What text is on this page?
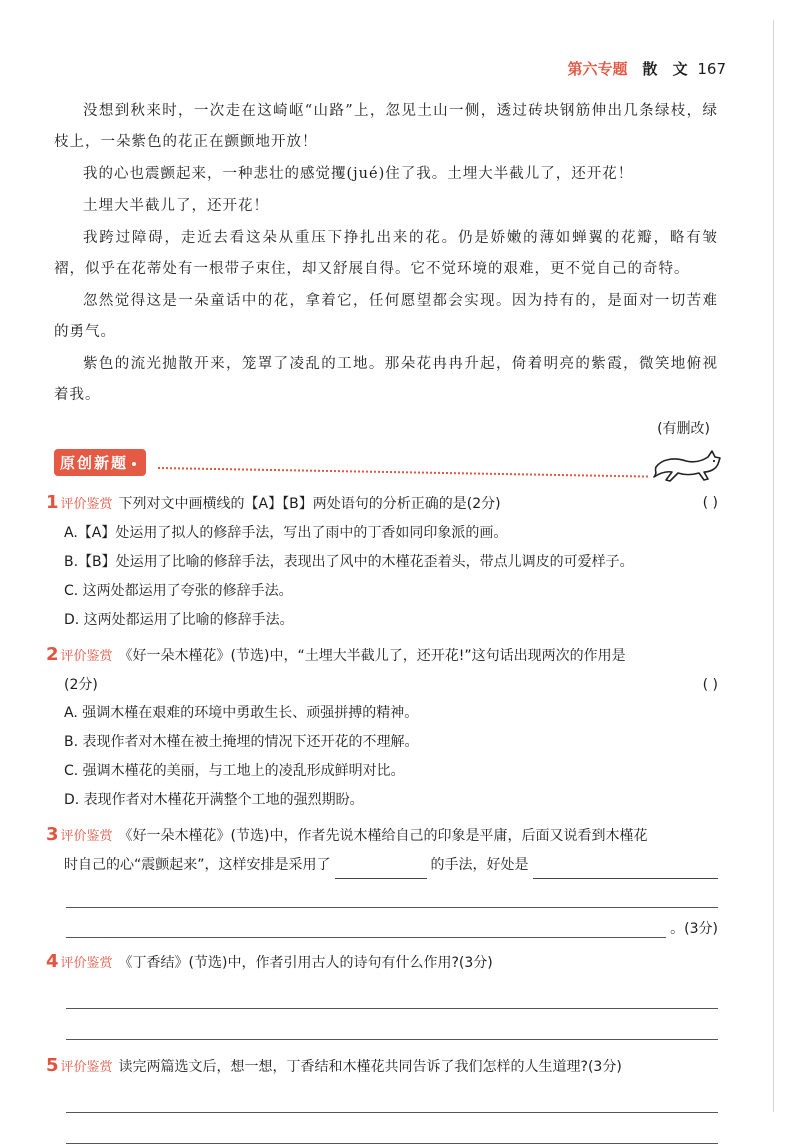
第六专题 散 文 167

没想到秋来时，一次走在这崎岖“山路”上，忽见土山一侧，透过砖块钢筋伸出几条绿枝，绿枝上，一朵紫色的花正在颤颤地开放！

我的心也震颤起来，一种悲壮的感觉攫(jué)住了我。土埋大半截儿了，还开花！

土埋大半截儿了，还开花！

我跨过障碍，走近去看这朵从重压下挣扎出来的花。仍是娇嫩的薄如蝉翼的花瓣，略有皱褶，似乎在花蒂处有一根带子束住，却又舒展自得。它不觉环境的艰难，更不觉自己的奇特。

忽然觉得这是一朵童话中的花，拿着它，任何愿望都会实现。因为持有的，是面对一切苦难的勇气。

紫色的流光抛散开来，笼罩了凌乱的工地。那朵花冉冉升起，倚着明亮的紫霞，微笑地俯视着我。

(有删改)
原创新题
1 评价鉴赏 下列对文中画横线的【A】【B】两处语句的分析正确的是(2分)	( )
A.【A】处运用了拟人的修辞手法，写出了雨中的丁香如同印象派的画。
B.【B】处运用了比喻的修辞手法，表现出了风中的木槿花歪着头，带点儿调皮的可爱样子。
C. 这两处都运用了夸张的修辞手法。
D. 这两处都运用了比喻的修辞手法。
2 评价鉴赏 《好一朵木槿花》(节选)中，“土埋大半截儿了，还开花!”这句话出现两次的作用是
(2分)	( )
A. 强调木槿在艰难的环境中勇敢生长、顽强拼搏的精神。
B. 表现作者对木槿在被土掩埋的情况下还开花的不理解。
C. 强调木槿花的美丽，与工地上的凌乱形成鲜明对比。
D. 表现作者对木槿花开满整个工地的强烈期盼。
3 评价鉴赏 《好一朵木槿花》(节选)中，作者先说木槿给自己的印象是平庸，后面又说看到木槿花
时自己的心“震颤起来”，这样安排是采用了	的手法，好处是
。(3分)
4 评价鉴赏 《丁香结》(节选)中，作者引用古人的诗句有什么作用?(3分)
5 评价鉴赏 读完两篇选文后，想一想，丁香结和木槿花共同告诉了我们怎样的人生道理?(3分)
